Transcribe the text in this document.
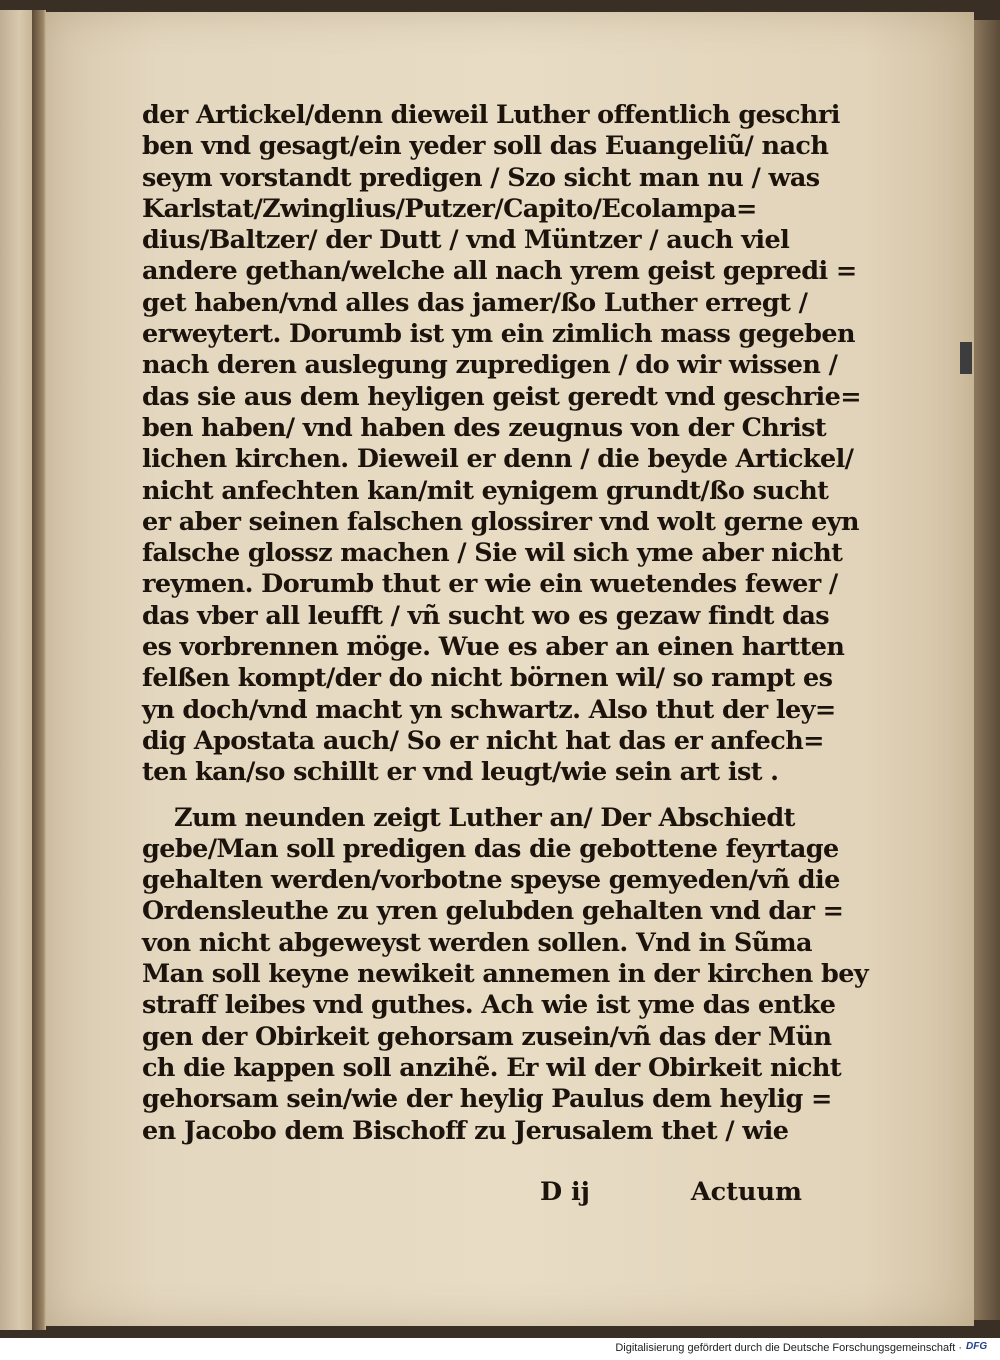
der Artickel/denn dieweil Luther offentlich geschri
ben vnd gesagt/ein yeder soll das Euangeliũ/ nach
seym vorstandt predigen / Szo sicht man nu / was
Karlstat/Zwinglius/Putzer/Capito/Ecolampa=
dius/Baltzer/ der Dutt / vnd Müntzer / auch viel
andere gethan/welche all nach yrem geist gepredi =
get haben/vnd alles das jamer/ßo Luther erregt /
erweytert. Dorumb ist ym ein zimlich mass gegeben
nach deren auslegung zupredigen / do wir wissen /
das sie aus dem heyligen geist geredt vnd geschrie=
ben haben/ vnd haben des zeugnus von der Christ
lichen kirchen. Dieweil er denn / die beyde Artickel/
nicht anfechten kan/mit eynigem grundt/ßo sucht
er aber seinen falschen glossirer vnd wolt gerne eyn
falsche glossz machen / Sie wil sich yme aber nicht
reymen. Dorumb thut er wie ein wuetendes fewer /
das vber all leufft / vñ sucht wo es gezaw findt das
es vorbrennen möge. Wue es aber an einen hartten
felßen kompt/der do nicht börnen wil/ so rampt es
yn doch/vnd macht yn schwartz. Also thut der ley=
dig Apostata auch/ So er nicht hat das er anfech=
ten kan/so schillt er vnd leugt/wie sein art ist .
Zum neunden zeigt Luther an/ Der Abschiedt
gebe/Man soll predigen das die gebottene feyrtage
gehalten werden/vorbotne speyse gemyeden/vñ die
Ordensleuthe zu yren gelubden gehalten vnd dar =
von nicht abgeweyst werden sollen. Vnd in Sũma
Man soll keyne newikeit annemen in der kirchen bey
straff leibes vnd guthes. Ach wie ist yme das entke
gen der Obirkeit gehorsam zusein/vñ das der Mün
ch die kappen soll anzihẽ. Er wil der Obirkeit nicht
gehorsam sein/wie der heylig Paulus dem heylig =
en Jacobo dem Bischoff zu Jerusalem thet / wie
D ij	Actuum
Digitalisierung gefördert durch die Deutsche Forschungsgemeinschaft · DFG
